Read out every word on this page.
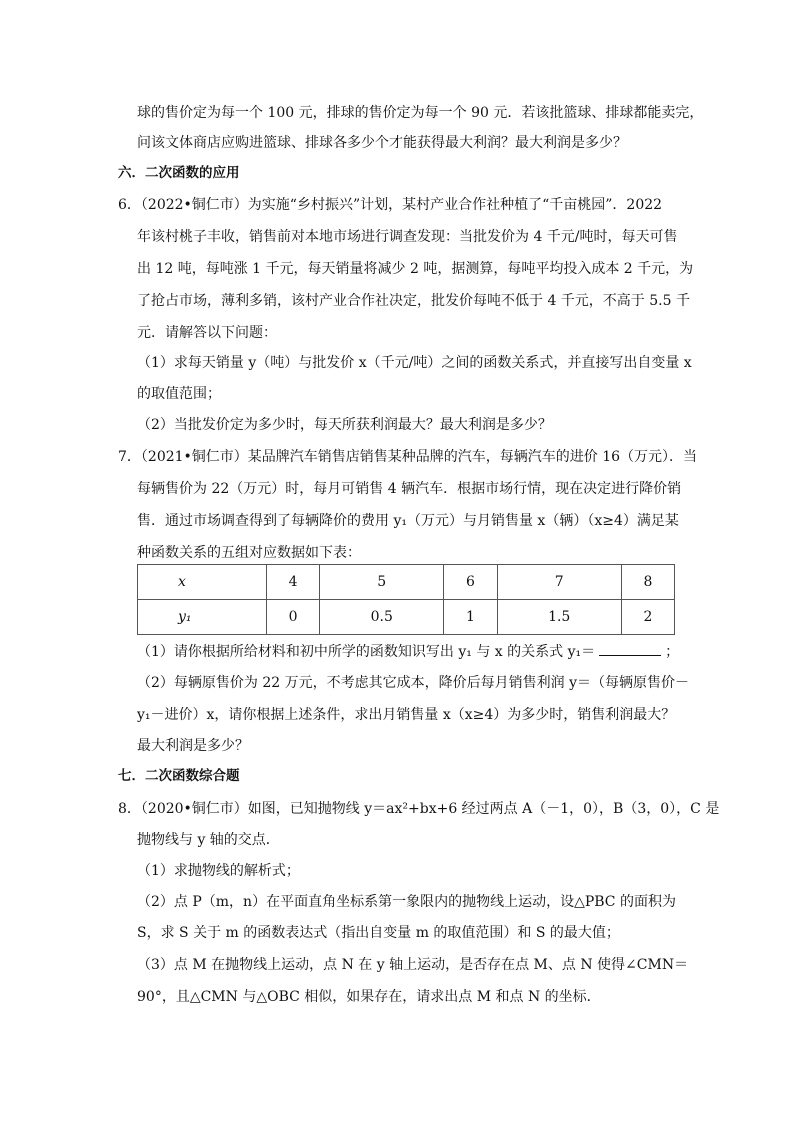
球的售价定为每一个 100 元，排球的售价定为每一个 90 元．若该批篮球、排球都能卖完，
问该文体商店应购进篮球、排球各多少个才能获得最大利润？最大利润是多少？
六．二次函数的应用
6．（2022•铜仁市）为实施“乡村振兴”计划，某村产业合作社种植了“千亩桃园”．2022
年该村桃子丰收，销售前对本地市场进行调查发现：当批发价为 4 千元/吨时，每天可售
出 12 吨，每吨涨 1 千元，每天销量将减少 2 吨，据测算，每吨平均投入成本 2 千元，为
了抢占市场，薄利多销，该村产业合作社决定，批发价每吨不低于 4 千元，不高于 5.5 千
元．请解答以下问题：
（1）求每天销量 y（吨）与批发价 x（千元/吨）之间的函数关系式，并直接写出自变量 x
的取值范围；
（2）当批发价定为多少时，每天所获利润最大？最大利润是多少？
7．（2021•铜仁市）某品牌汽车销售店销售某种品牌的汽车，每辆汽车的进价 16（万元）．当
每辆售价为 22（万元）时，每月可销售 4 辆汽车．根据市场行情，现在决定进行降价销
售．通过市场调查得到了每辆降价的费用 y₁（万元）与月销售量 x（辆）（x≥4）满足某
种函数关系的五组对应数据如下表：
x	4	5	6	7	8
y₁	0	0.5	1	1.5	2
（1）请你根据所给材料和初中所学的函数知识写出 y₁ 与 x 的关系式 y₁＝	；
（2）每辆原售价为 22 万元，不考虑其它成本，降价后每月销售利润 y＝（每辆原售价－
y₁－进价）x，请你根据上述条件，求出月销售量 x（x≥4）为多少时，销售利润最大？
最大利润是多少？
七．二次函数综合题
8．（2020•铜仁市）如图，已知抛物线 y＝ax²+bx+6 经过两点 A（－1，0），B（3，0），C 是
抛物线与 y 轴的交点．
（1）求抛物线的解析式；
（2）点 P（m，n）在平面直角坐标系第一象限内的抛物线上运动，设△PBC 的面积为
S，求 S 关于 m 的函数表达式（指出自变量 m 的取值范围）和 S 的最大值；
（3）点 M 在抛物线上运动，点 N 在 y 轴上运动，是否存在点 M、点 N 使得∠CMN＝
90°，且△CMN 与△OBC 相似，如果存在，请求出点 M 和点 N 的坐标．
